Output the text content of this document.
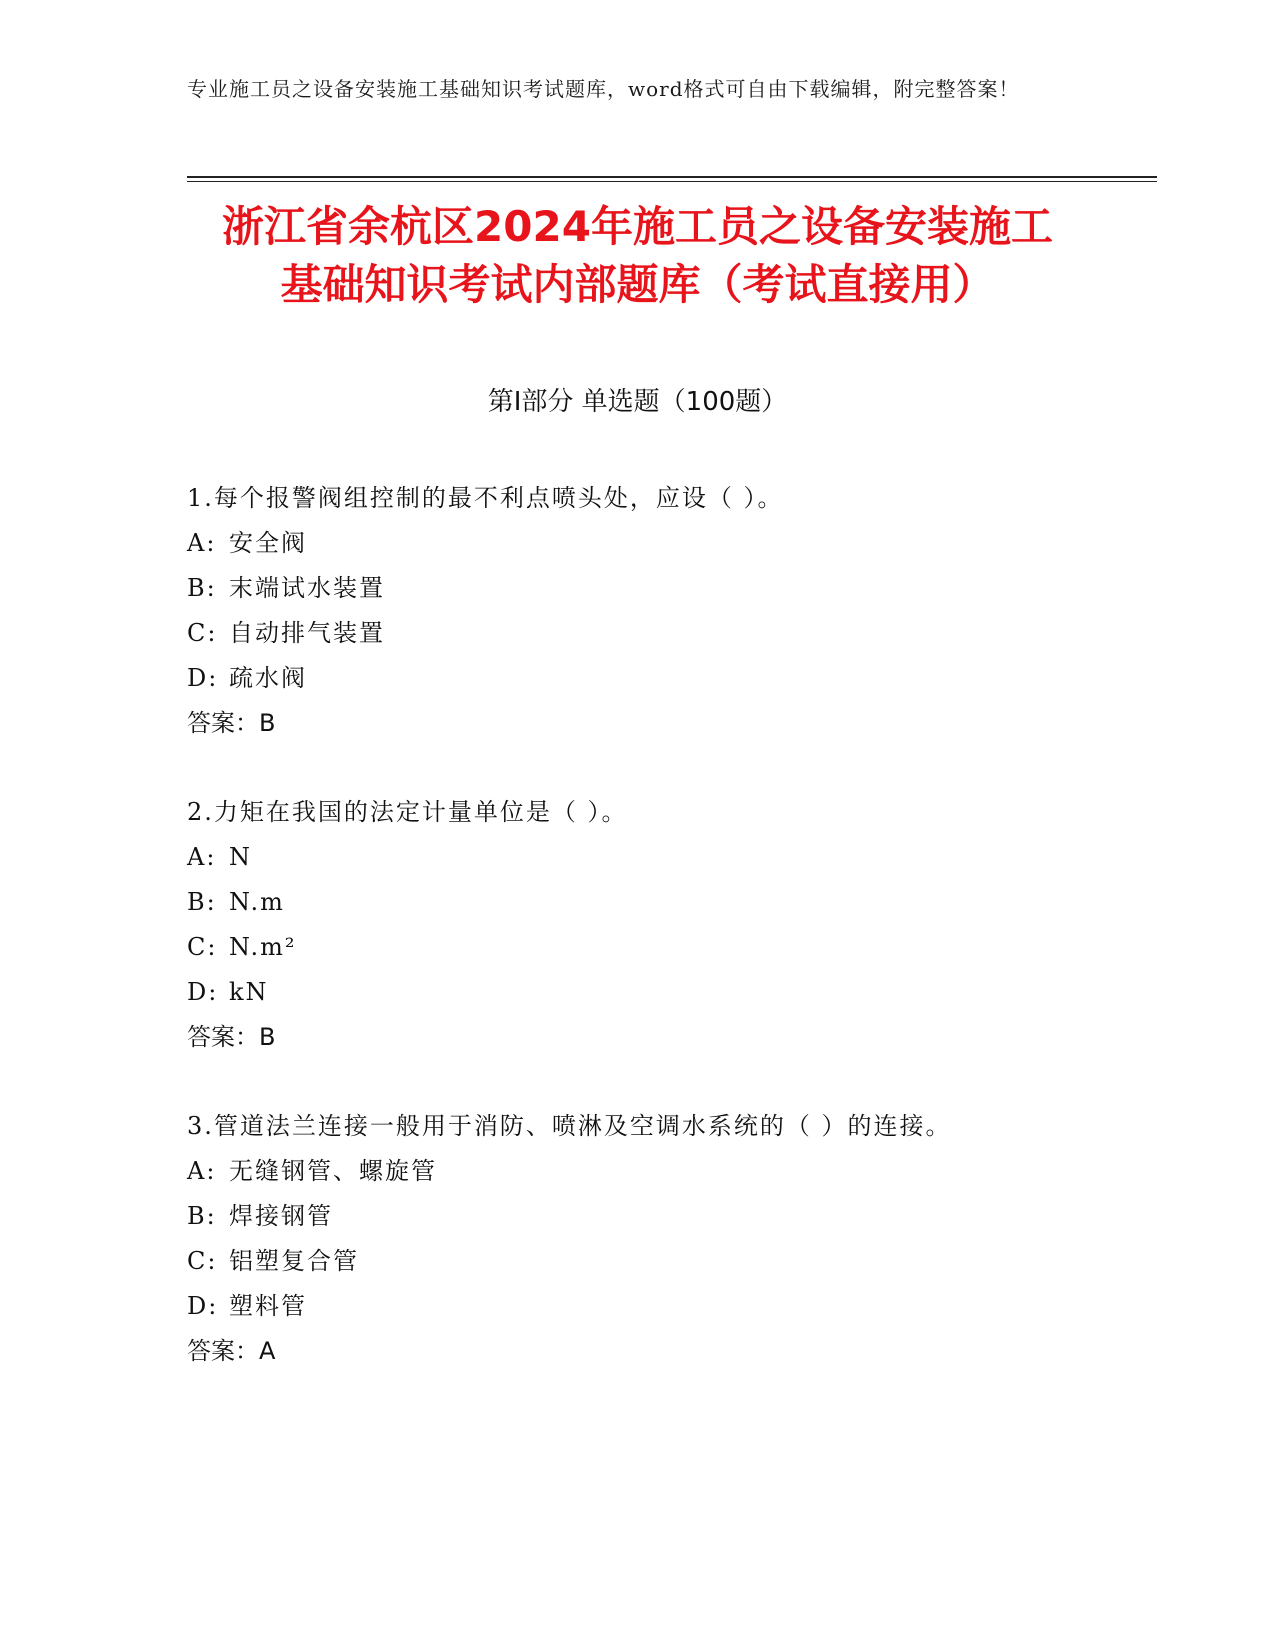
专业施工员之设备安装施工基础知识考试题库，word格式可自由下载编辑，附完整答案！
浙江省余杭区2024年施工员之设备安装施工
基础知识考试内部题库（考试直接用）
第Ⅰ部分 单选题（100题）
1.每个报警阀组控制的最不利点喷头处，应设（ ）。
A: 安全阀
B: 末端试水装置
C: 自动排气装置
D: 疏水阀
答案：B
2.力矩在我国的法定计量单位是（ ）。
A: N
B: N.m
C: N.m²
D: kN
答案：B
3.管道法兰连接一般用于消防、喷淋及空调水系统的（ ）的连接。
A: 无缝钢管、螺旋管
B: 焊接钢管
C: 铝塑复合管
D: 塑料管
答案：A
